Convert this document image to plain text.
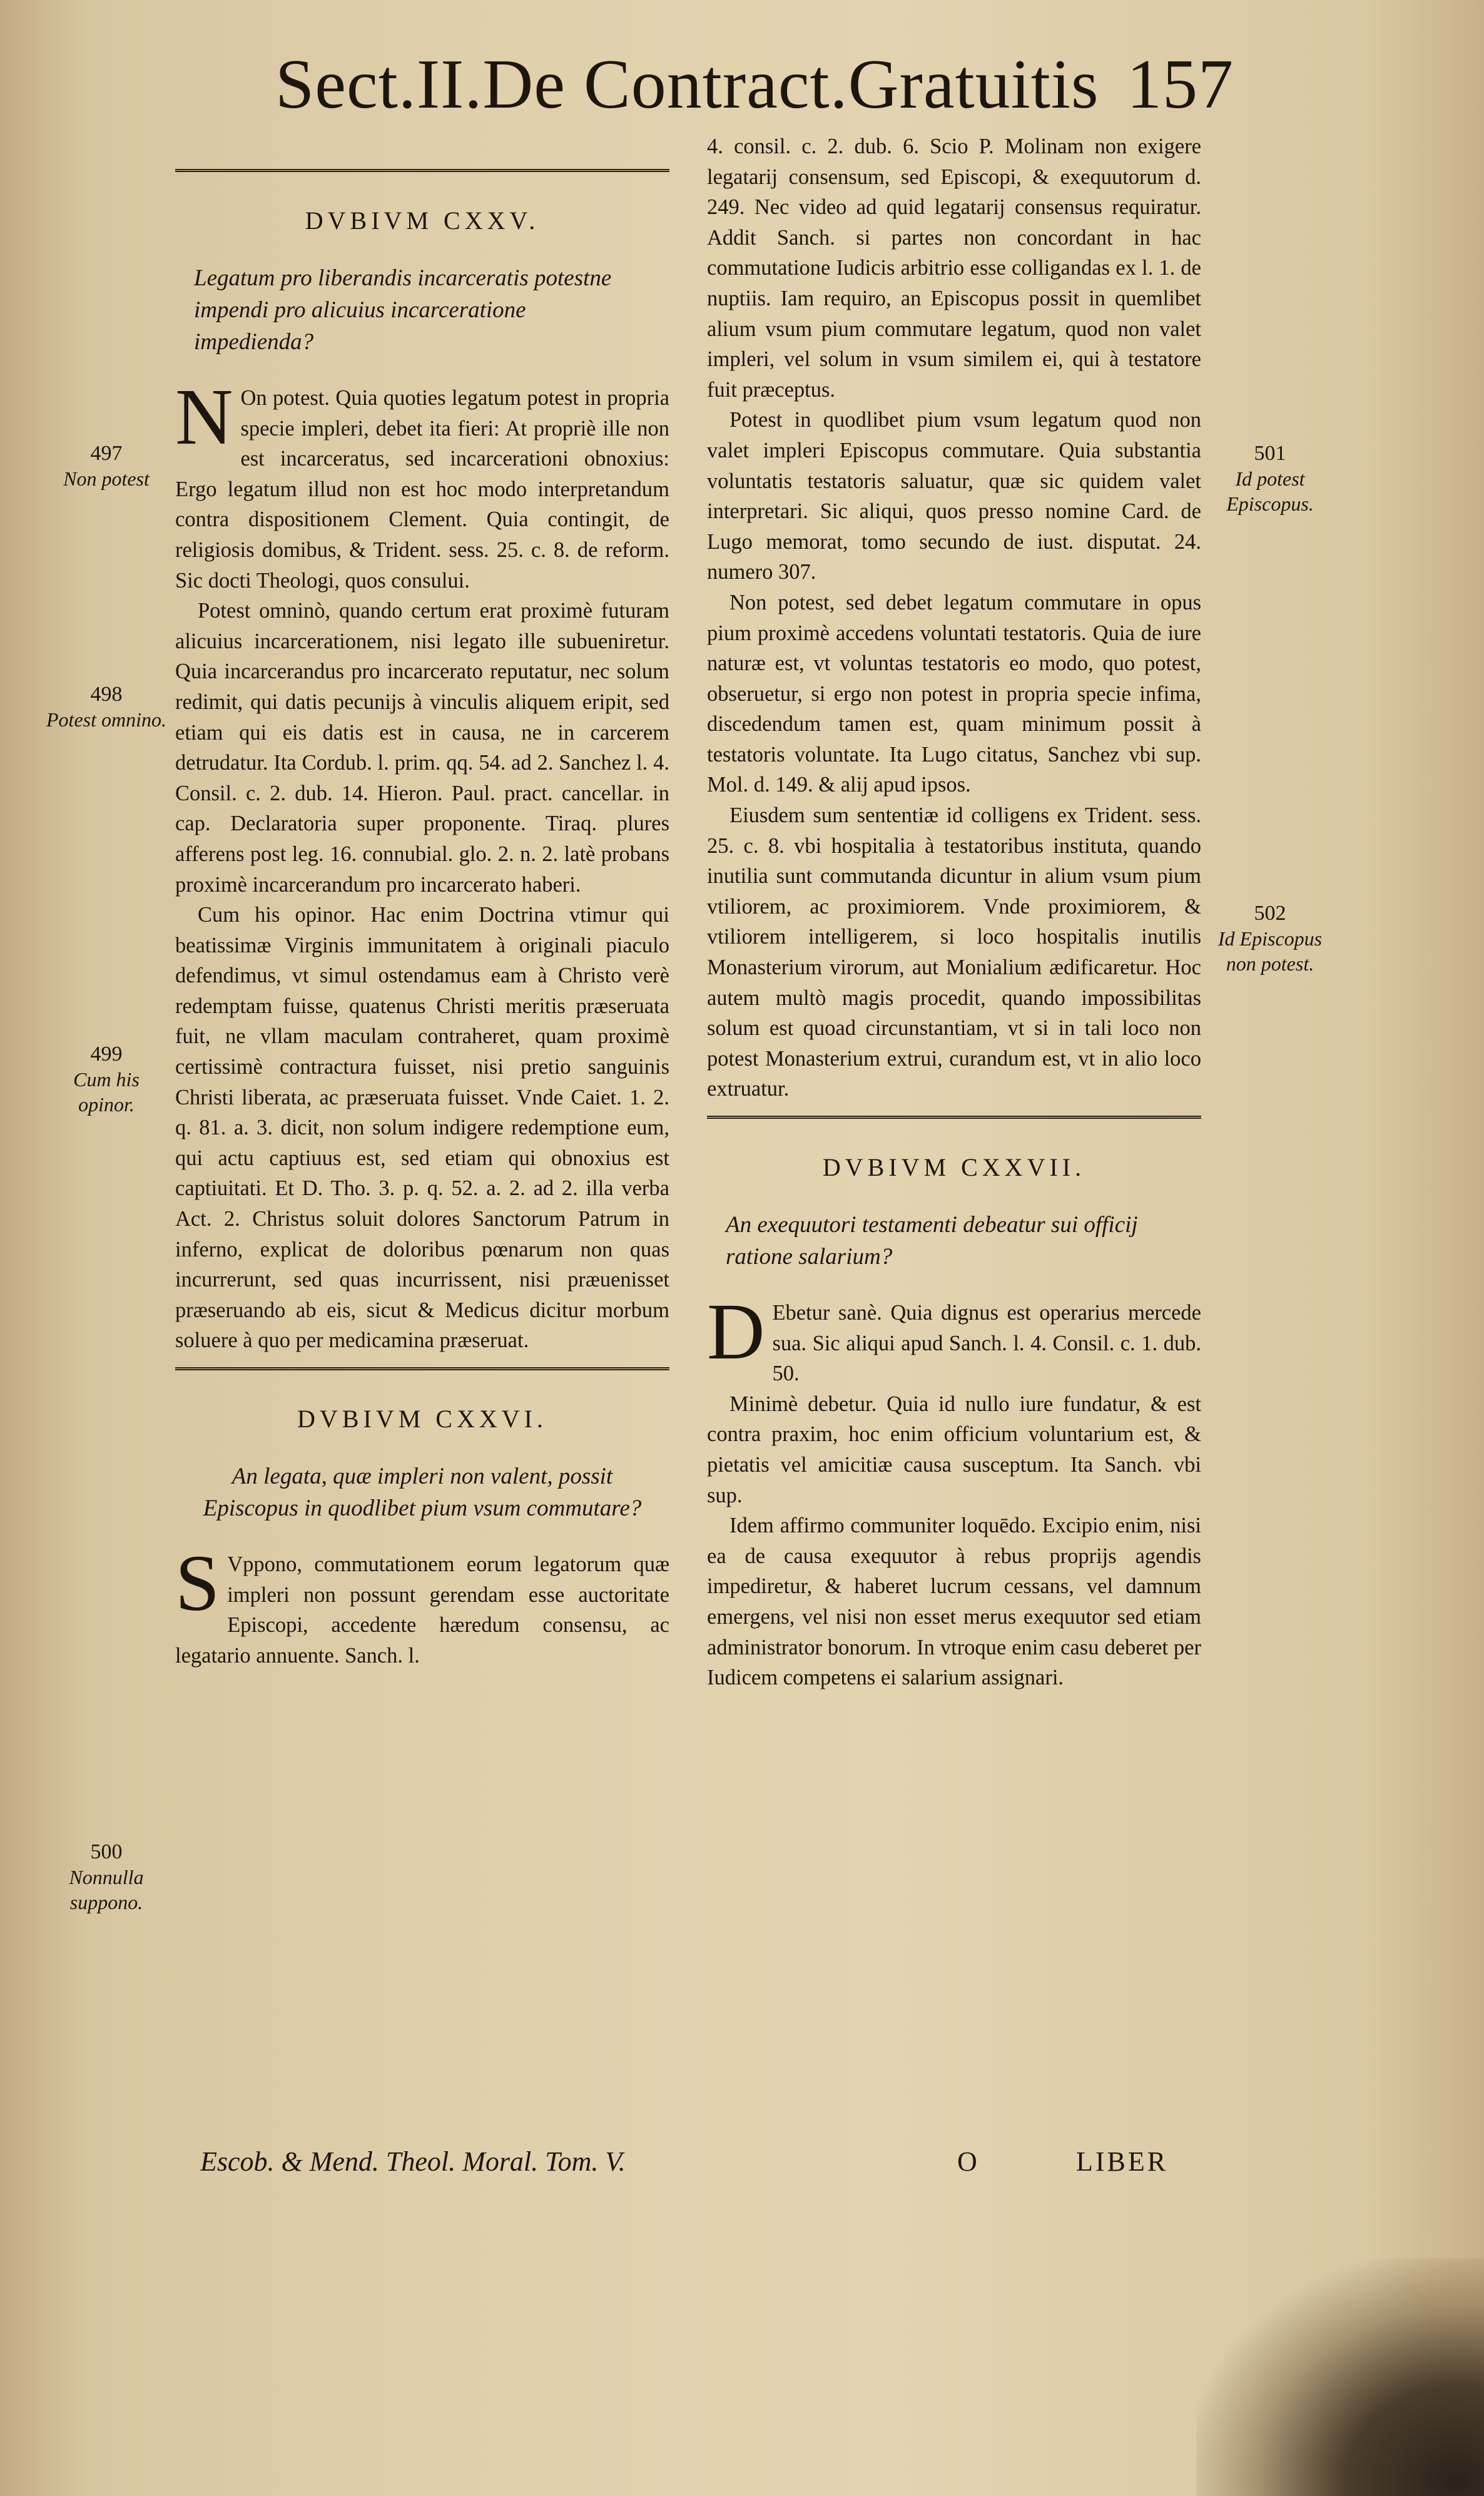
Sect.II.De Contract.Gratuitis 157
DVBIVM CXXV.
Legatum pro liberandis incarceratis potestne impendi pro alicuius incarceratione impedienda?

N On potest. Quia quoties legatum potest in propria specie impleri, debet ita fieri: At propriè ille non est incarceratus, sed incarcerationi obnoxius: Ergo legatum illud non est hoc modo interpretandum contra dispositionem Clement. Quia contingit, de religiosis domibus, & Trident. sess. 25. c. 8. de reform. Sic docti Theologi, quos consului.

Potest omninò, quando certum erat proximè futuram alicuius incarcerationem, nisi legato ille subueniretur. Quia incarcerandus pro incarcerato reputatur, nec solum redimit, qui datis pecunijs à vinculis aliquem eripit, sed etiam qui eis datis est in causa, ne in carcerem detrudatur. Ita Cordub. l. prim. qq. 54. ad 2. Sanchez l. 4. Consil. c. 2. dub. 14. Hieron. Paul. pract. cancellar. in cap. Declaratoria super proponente. Tiraq. plures afferens post leg. 16. connubial. glo. 2. n. 2. latè probans proximè incarcerandum pro incarcerato haberi.

Cum his opinor. Hac enim Doctrina vtimur qui beatissimæ Virginis immunitatem à originali piaculo defendimus, vt simul ostendamus eam à Christo verè redemptam fuisse, quatenus Christi meritis præseruata fuit, ne vllam maculam contraheret, quam proximè certissimè contractura fuisset, nisi pretio sanguinis Christi liberata, ac præseruata fuisset. Vnde Caiet. 1. 2. q. 81. a. 3. dicit, non solum indigere redemptione eum, qui actu captiuus est, sed etiam qui obnoxius est captiuitati. Et D. Tho. 3. p. q. 52. a. 2. ad 2. illa verba Act. 2. Christus soluit dolores Sanctorum Patrum in inferno, explicat de doloribus pœnarum non quas incurrerunt, sed quas incurrissent, nisi præuenisset præseruando ab eis, sicut & Medicus dicitur morbum soluere à quo per medicamina præseruat.

DVBIVM CXXVI.
An legata, quæ impleri non valent, possit Episcopus in quodlibet pium vsum commutare?

S Vppono, commutationem eorum legatorum quæ impleri non possunt gerendam esse auctoritate Episcopi, accedente hæredum consensu, ac legatario annuente. Sanch. l.

4. consil. c. 2. dub. 6. Scio P. Molinam non exigere legatarij consensum, sed Episcopi, & exequutorum d. 249. Nec video ad quid legatarij consensus requiratur. Addit Sanch. si partes non concordant in hac commutatione Iudicis arbitrio esse colligandas ex l. 1. de nuptiis. Iam requiro, an Episcopus possit in quemlibet alium vsum pium commutare legatum, quod non valet impleri, vel solum in vsum similem ei, qui à testatore fuit præceptus.

Potest in quodlibet pium vsum legatum quod non valet impleri Episcopus commutare. Quia substantia voluntatis testatoris saluatur, quæ sic quidem valet interpretari. Sic aliqui, quos presso nomine Card. de Lugo memorat, tomo secundo de iust. disputat. 24. numero 307.

Non potest, sed debet legatum commutare in opus pium proximè accedens voluntati testatoris. Quia de iure naturæ est, vt voluntas testatoris eo modo, quo potest, obseruetur, si ergo non potest in propria specie infima, discedendum tamen est, quam minimum possit à testatoris voluntate. Ita Lugo citatus, Sanchez vbi sup. Mol. d. 149. & alij apud ipsos.

Eiusdem sum sententiæ id colligens ex Trident. sess. 25. c. 8. vbi hospitalia à testatoribus instituta, quando inutilia sunt commutanda dicuntur in alium vsum pium vtiliorem, ac proximiorem. Vnde proximiorem, & vtiliorem intelligerem, si loco hospitalis inutilis Monasterium virorum, aut Monialium ædificaretur. Hoc autem multò magis procedit, quando impossibilitas solum est quoad circunstantiam, vt si in tali loco non potest Monasterium extrui, curandum est, vt in alio loco extruatur.

DVBIVM CXXVII.
An exequutori testamenti debeatur sui officij ratione salarium?

D Ebetur sanè. Quia dignus est operarius mercede sua. Sic aliqui apud Sanch. l. 4. Consil. c. 1. dub. 50.

Minimè debetur. Quia id nullo iure fundatur, & est contra praxim, hoc enim officium voluntarium est, & pietatis vel amicitiæ causa susceptum. Ita Sanch. vbi sup.

Idem affirmo communiter loquēdo. Excipio enim, nisi ea de causa exequutor à rebus proprijs agendis impediretur, & haberet lucrum cessans, vel damnum emergens, vel nisi non esset merus exequutor sed etiam administrator bonorum. In vtroque enim casu deberet per Iudicem competens ei salarium assignari.

497
Non potest
498
Potest omnino.
499
Cum his opinor.
500
Nonnulla suppono.
501
Id potest Episcopus.
502
Id Episcopus non potest.
Escob. & Mend. Theol. Moral. Tom. V.	O	LIBER
